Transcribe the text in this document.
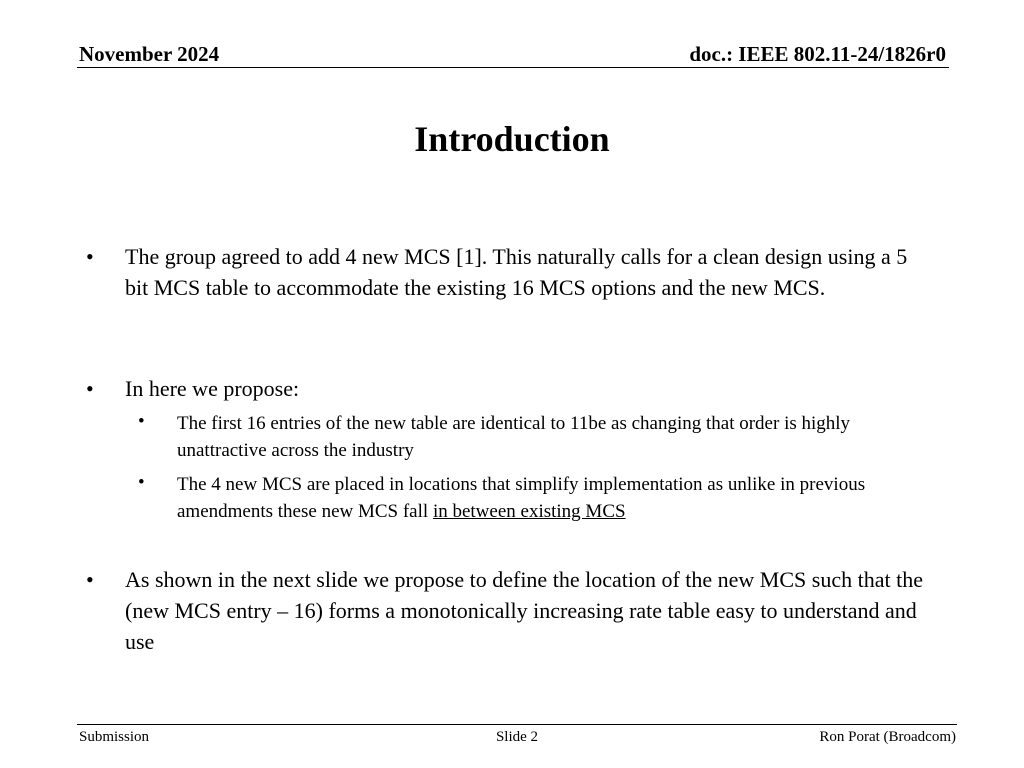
November 2024	doc.: IEEE 802.11-24/1826r0
Introduction
• The group agreed to add 4 new MCS [1]. This naturally calls for a clean design using a 5 bit MCS table to accommodate the existing 16 MCS options and the new MCS.
• In here we propose:
• The first 16 entries of the new table are identical to 11be as changing that order is highly unattractive across the industry
• The 4 new MCS are placed in locations that simplify implementation as unlike in previous amendments these new MCS fall in between existing MCS
• As shown in the next slide we propose to define the location of the new MCS such that the (new MCS entry – 16) forms a monotonically increasing rate table easy to understand and use
Submission	Slide 2	Ron Porat (Broadcom)
